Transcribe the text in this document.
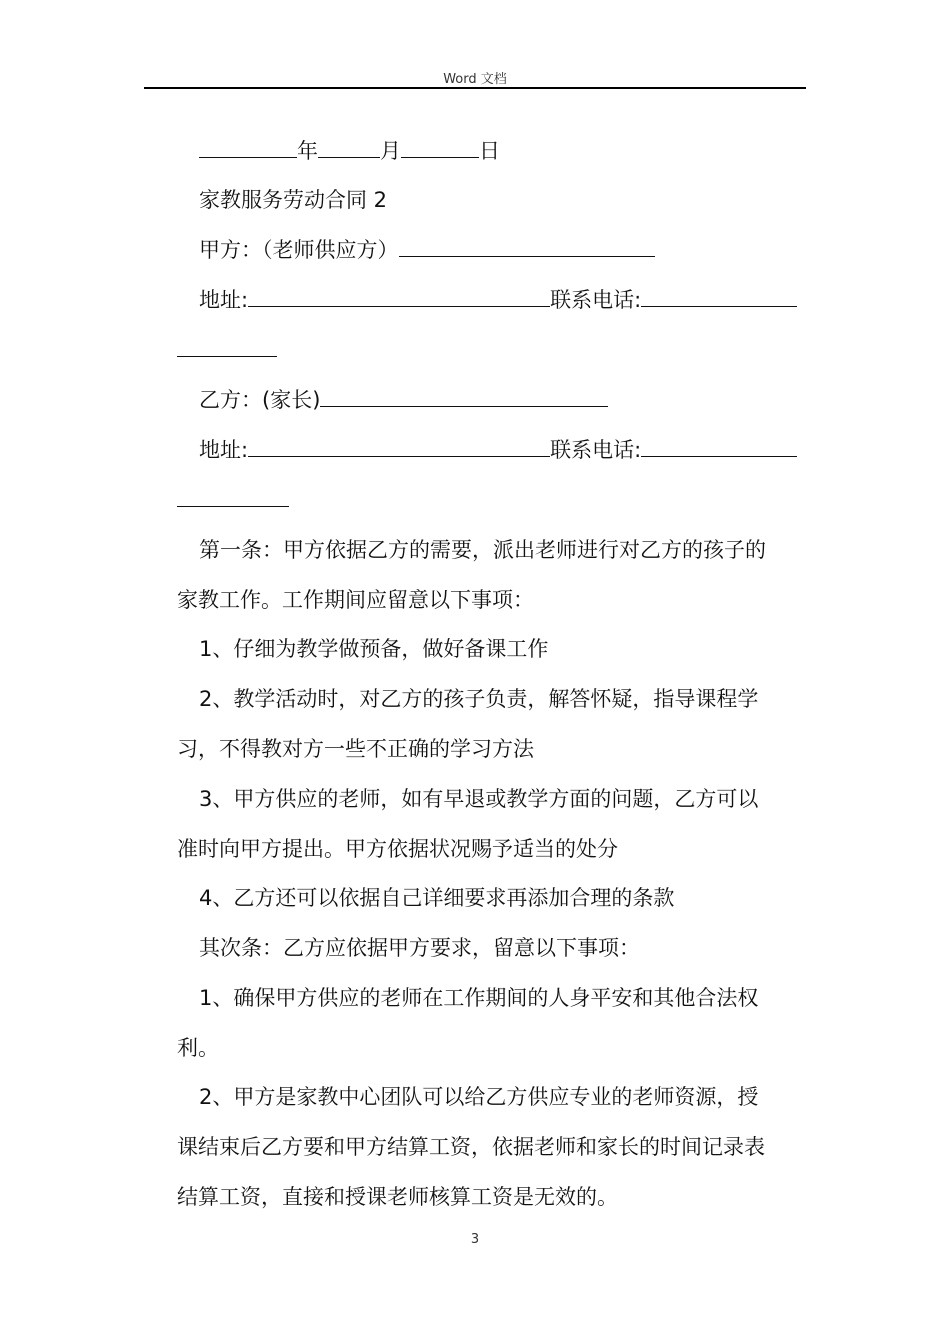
Word 文档
年	月	日
家教服务劳动合同 2
甲方：（老师供应方）
地址:	联系电话:
乙方：(家长)
地址:	联系电话:
第一条：甲方依据乙方的需要，派出老师进行对乙方的孩子的
家教工作。工作期间应留意以下事项：
1、仔细为教学做预备，做好备课工作
2、教学活动时，对乙方的孩子负责，解答怀疑，指导课程学
习，不得教对方一些不正确的学习方法
3、甲方供应的老师，如有早退或教学方面的问题，乙方可以
准时向甲方提出。甲方依据状况赐予适当的处分
4、乙方还可以依据自己详细要求再添加合理的条款
其次条：乙方应依据甲方要求，留意以下事项：
1、确保甲方供应的老师在工作期间的人身平安和其他合法权
利。
2、甲方是家教中心团队可以给乙方供应专业的老师资源，授
课结束后乙方要和甲方结算工资，依据老师和家长的时间记录表
结算工资，直接和授课老师核算工资是无效的。
3
